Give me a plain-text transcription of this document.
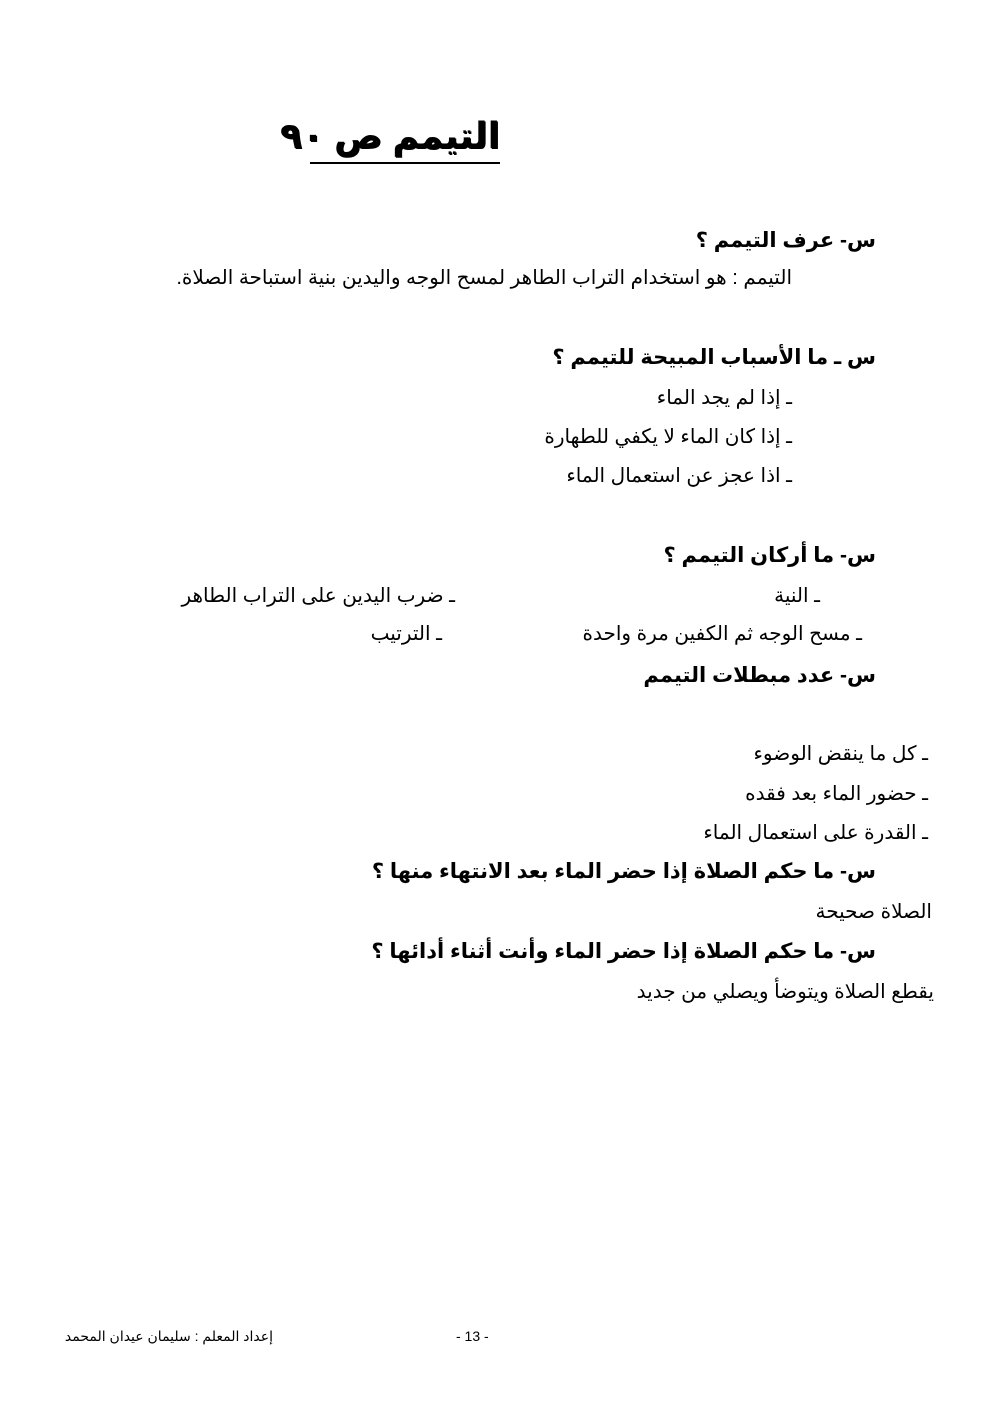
التيمم ص ٩٠
س- عرف التيمم ؟
التيمم : هو استخدام التراب الطاهر لمسح الوجه واليدين بنية استباحة الصلاة.
س ـ ما الأسباب المبيحة للتيمم ؟
ـ إذا لم يجد الماء
ـ إذا كان الماء لا يكفي للطهارة
ـ اذا عجز عن استعمال الماء
س- ما أركان التيمم ؟
ـ النية
ـ ضرب اليدين على التراب الطاهر
ـ مسح الوجه ثم الكفين مرة واحدة
ـ الترتيب
س- عدد مبطلات التيمم
ـ كل ما ينقض الوضوء
ـ حضور الماء بعد فقده
ـ القدرة على استعمال الماء
س- ما حكم الصلاة إذا حضر الماء بعد الانتهاء منها ؟
الصلاة صحيحة
س- ما حكم الصلاة إذا حضر الماء وأنت أثناء أدائها ؟
يقطع الصلاة ويتوضأ ويصلي من جديد
إعداد المعلم : سليمان عيدان المحمد	- 13 -
